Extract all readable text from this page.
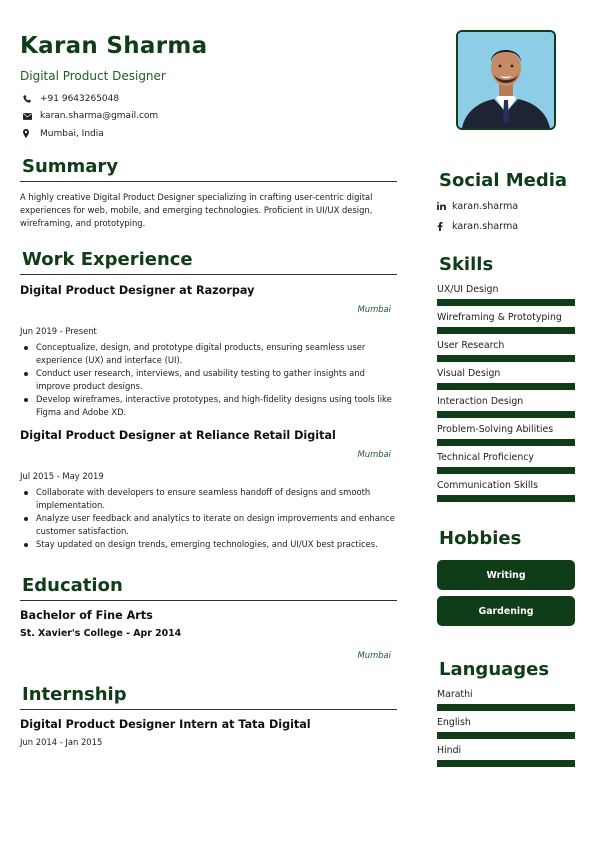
Karan Sharma
Digital Product Designer
+91 9643265048
karan.sharma@gmail.com
Mumbai, India
Summary
A highly creative Digital Product Designer specializing in crafting user-centric digital experiences for web, mobile, and emerging technologies. Proficient in UI/UX design, wireframing, and prototyping.
Work Experience
Digital Product Designer at Razorpay
Mumbai
Jun 2019 - Present
Conceptualize, design, and prototype digital products, ensuring seamless user experience (UX) and interface (UI).
Conduct user research, interviews, and usability testing to gather insights and improve product designs.
Develop wireframes, interactive prototypes, and high-fidelity designs using tools like Figma and Adobe XD.
Digital Product Designer at Reliance Retail Digital
Mumbai
Jul 2015 - May 2019
Collaborate with developers to ensure seamless handoff of designs and smooth implementation.
Analyze user feedback and analytics to iterate on design improvements and enhance customer satisfaction.
Stay updated on design trends, emerging technologies, and UI/UX best practices.
Education
Bachelor of Fine Arts
St. Xavier's College - Apr 2014
Mumbai
Internship
Digital Product Designer Intern at Tata Digital
Jun 2014 - Jan 2015
Social Media
karan.sharma
karan.sharma
Skills
UX/UI Design
Wireframing & Prototyping
User Research
Visual Design
Interaction Design
Problem-Solving Abilities
Technical Proficiency
Communication Skills
Hobbies
Writing
Gardening
Languages
Marathi
English
Hindi
